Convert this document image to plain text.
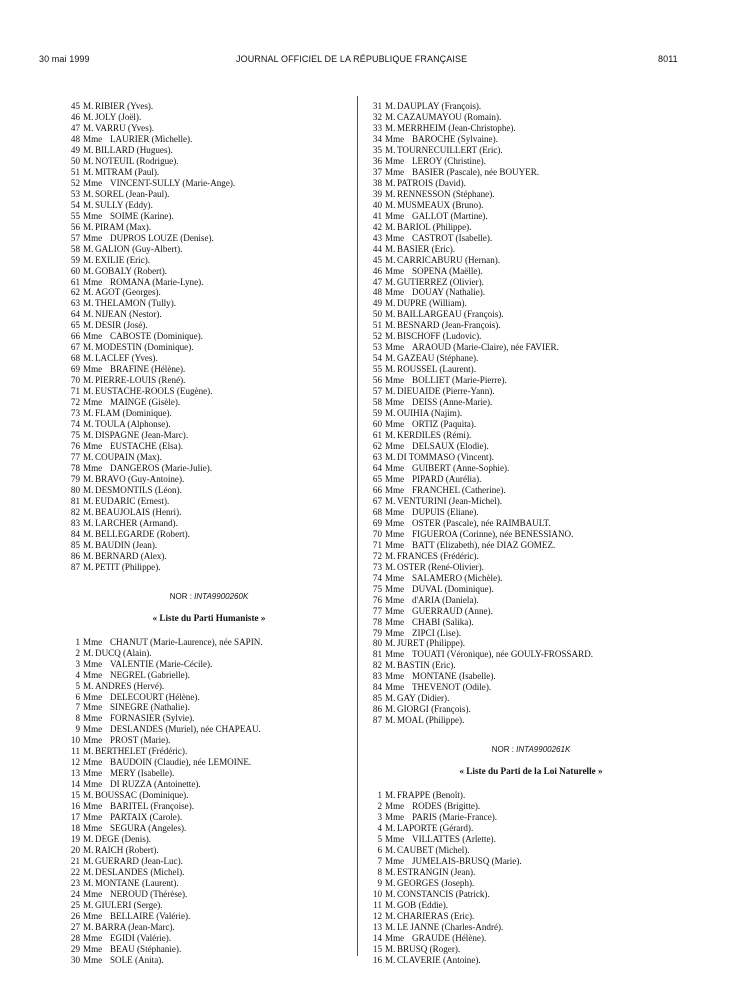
30 mai 1999	JOURNAL OFFICIEL DE LA RÉPUBLIQUE FRANÇAISE	8011
45 M. RIBIER (Yves).
46 M. JOLY (Joël).
47 M. VARRU (Yves).
48 Mme LAURIER (Michelle).
49 M. BILLARD (Hugues).
50 M. NOTEUIL (Rodrigue).
51 M. MITRAM (Paul).
52 Mme VINCENT-SULLY (Marie-Ange).
53 M. SOREL (Jean-Paul).
54 M. SULLY (Eddy).
55 Mme SOIME (Karine).
56 M. PIRAM (Max).
57 Mme DUPROS LOUZE (Denise).
58 M. GALION (Guy-Albert).
59 M. EXILIE (Eric).
60 M. GOBALY (Robert).
61 Mme ROMANA (Marie-Lyne).
62 M. AGOT (Georges).
63 M. THELAMON (Tully).
64 M. NIJEAN (Nestor).
65 M. DESIR (José).
66 Mme CABOSTE (Dominique).
67 M. MODESTIN (Dominique).
68 M. LACLEF (Yves).
69 Mme BRAFINE (Hélène).
70 M. PIERRE-LOUIS (René).
71 M. EUSTACHE-ROOLS (Eugène).
72 Mme MAINGE (Gisèle).
73 M. FLAM (Dominique).
74 M. TOULA (Alphonse).
75 M. DISPAGNE (Jean-Marc).
76 Mme EUSTACHE (Elsa).
77 M. COUPAIN (Max).
78 Mme DANGEROS (Marie-Julie).
79 M. BRAVO (Guy-Antoine).
80 M. DESMONTILS (Léon).
81 M. EUDARIC (Ernest).
82 M. BEAUJOLAIS (Henri).
83 M. LARCHER (Armand).
84 M. BELLEGARDE (Robert).
85 M. BAUDIN (Jean).
86 M. BERNARD (Alex).
87 M. PETIT (Philippe).
NOR : INTA9900260K
« Liste du Parti Humaniste »
1 Mme CHANUT (Marie-Laurence), née SAPIN.
2 M. DUCQ (Alain).
3 Mme VALENTIE (Marie-Cécile).
4 Mme NEGREL (Gabrielle).
5 M. ANDRES (Hervé).
6 Mme DELECOURT (Hélène).
7 Mme SINEGRE (Nathalie).
8 Mme FORNASIER (Sylvie).
9 Mme DESLANDES (Muriel), née CHAPEAU.
10 Mme PROST (Marie).
11 M. BERTHELET (Frédéric).
12 Mme BAUDOIN (Claudie), née LEMOINE.
13 Mme MERY (Isabelle).
14 Mme DI RUZZA (Antoinette).
15 M. BOUSSAC (Dominique).
16 Mme BARITEL (Françoise).
17 Mme PARTAIX (Carole).
18 Mme SEGURA (Angeles).
19 M. DEGE (Denis).
20 M. RAICH (Robert).
21 M. GUERARD (Jean-Luc).
22 M. DESLANDES (Michel).
23 M. MONTANE (Laurent).
24 Mme NEROUD (Thérèse).
25 M. GIULERI (Serge).
26 Mme BELLAIRE (Valérie).
27 M. BARRA (Jean-Marc).
28 Mme EGIDI (Valérie).
29 Mme BEAU (Stéphanie).
30 Mme SOLE (Anita).
31 M. DAUPLAY (François).
32 M. CAZAUMAYOU (Romain).
33 M. MERRHEIM (Jean-Christophe).
34 Mme BAROCHE (Sylvaine).
35 M. TOURNECUILLERT (Eric).
36 Mme LEROY (Christine).
37 Mme BASIER (Pascale), née BOUYER.
38 M. PATROIS (David).
39 M. RENNESSON (Stéphane).
40 M. MUSMEAUX (Bruno).
41 Mme GALLOT (Martine).
42 M. BARIOL (Philippe).
43 Mme CASTROT (Isabelle).
44 M. BASIER (Eric).
45 M. CARRICABURU (Hernan).
46 Mme SOPENA (Maëlle).
47 M. GUTIERREZ (Olivier).
48 Mme DOUAY (Nathalie).
49 M. DUPRE (William).
50 M. BAILLARGEAU (François).
51 M. BESNARD (Jean-François).
52 M. BISCHOFF (Ludovic).
53 Mme ARAOUD (Marie-Claire), née FAVIER.
54 M. GAZEAU (Stéphane).
55 M. ROUSSEL (Laurent).
56 Mme BOLLIET (Marie-Pierre).
57 M. DIEUAIDE (Pierre-Yann).
58 Mme DEISS (Anne-Marie).
59 M. OUIHIA (Najim).
60 Mme ORTIZ (Paquita).
61 M. KERDILES (Rémi).
62 Mme DELSAUX (Elodie).
63 M. DI TOMMASO (Vincent).
64 Mme GUIBERT (Anne-Sophie).
65 Mme PIPARD (Aurélia).
66 Mme FRANCHEL (Catherine).
67 M. VENTURINI (Jean-Michel).
68 Mme DUPUIS (Eliane).
69 Mme OSTER (Pascale), née RAIMBAULT.
70 Mme FIGUEROA (Corinne), née BENESSIANO.
71 Mme BATT (Elizabeth), née DIAZ GOMEZ.
72 M. FRANCES (Frédéric).
73 M. OSTER (René-Olivier).
74 Mme SALAMERO (Michèle).
75 Mme DUVAL (Dominique).
76 Mme d'ARIA (Daniela).
77 Mme GUERRAUD (Anne).
78 Mme CHABI (Salika).
79 Mme ZIPCI (Lise).
80 M. JURET (Philippe).
81 Mme TOUATI (Véronique), née GOULY-FROSSARD.
82 M. BASTIN (Eric).
83 Mme MONTANE (Isabelle).
84 Mme THEVENOT (Odile).
85 M. GAY (Didier).
86 M. GIORGI (François).
87 M. MOAL (Philippe).
NOR : INTA9900261K
« Liste du Parti de la Loi Naturelle »
1 M. FRAPPE (Benoît).
2 Mme RODES (Brigitte).
3 Mme PARIS (Marie-France).
4 M. LAPORTE (Gérard).
5 Mme VILLATTES (Arlette).
6 M. CAUBET (Michel).
7 Mme JUMELAIS-BRUSQ (Marie).
8 M. ESTRANGIN (Jean).
9 M. GEORGES (Joseph).
10 M. CONSTANCIS (Patrick).
11 M. GOB (Eddie).
12 M. CHARIERAS (Eric).
13 M. LE JANNE (Charles-André).
14 Mme GRAUDE (Hélène).
15 M. BRUSQ (Roger).
16 M. CLAVERIE (Antoine).
